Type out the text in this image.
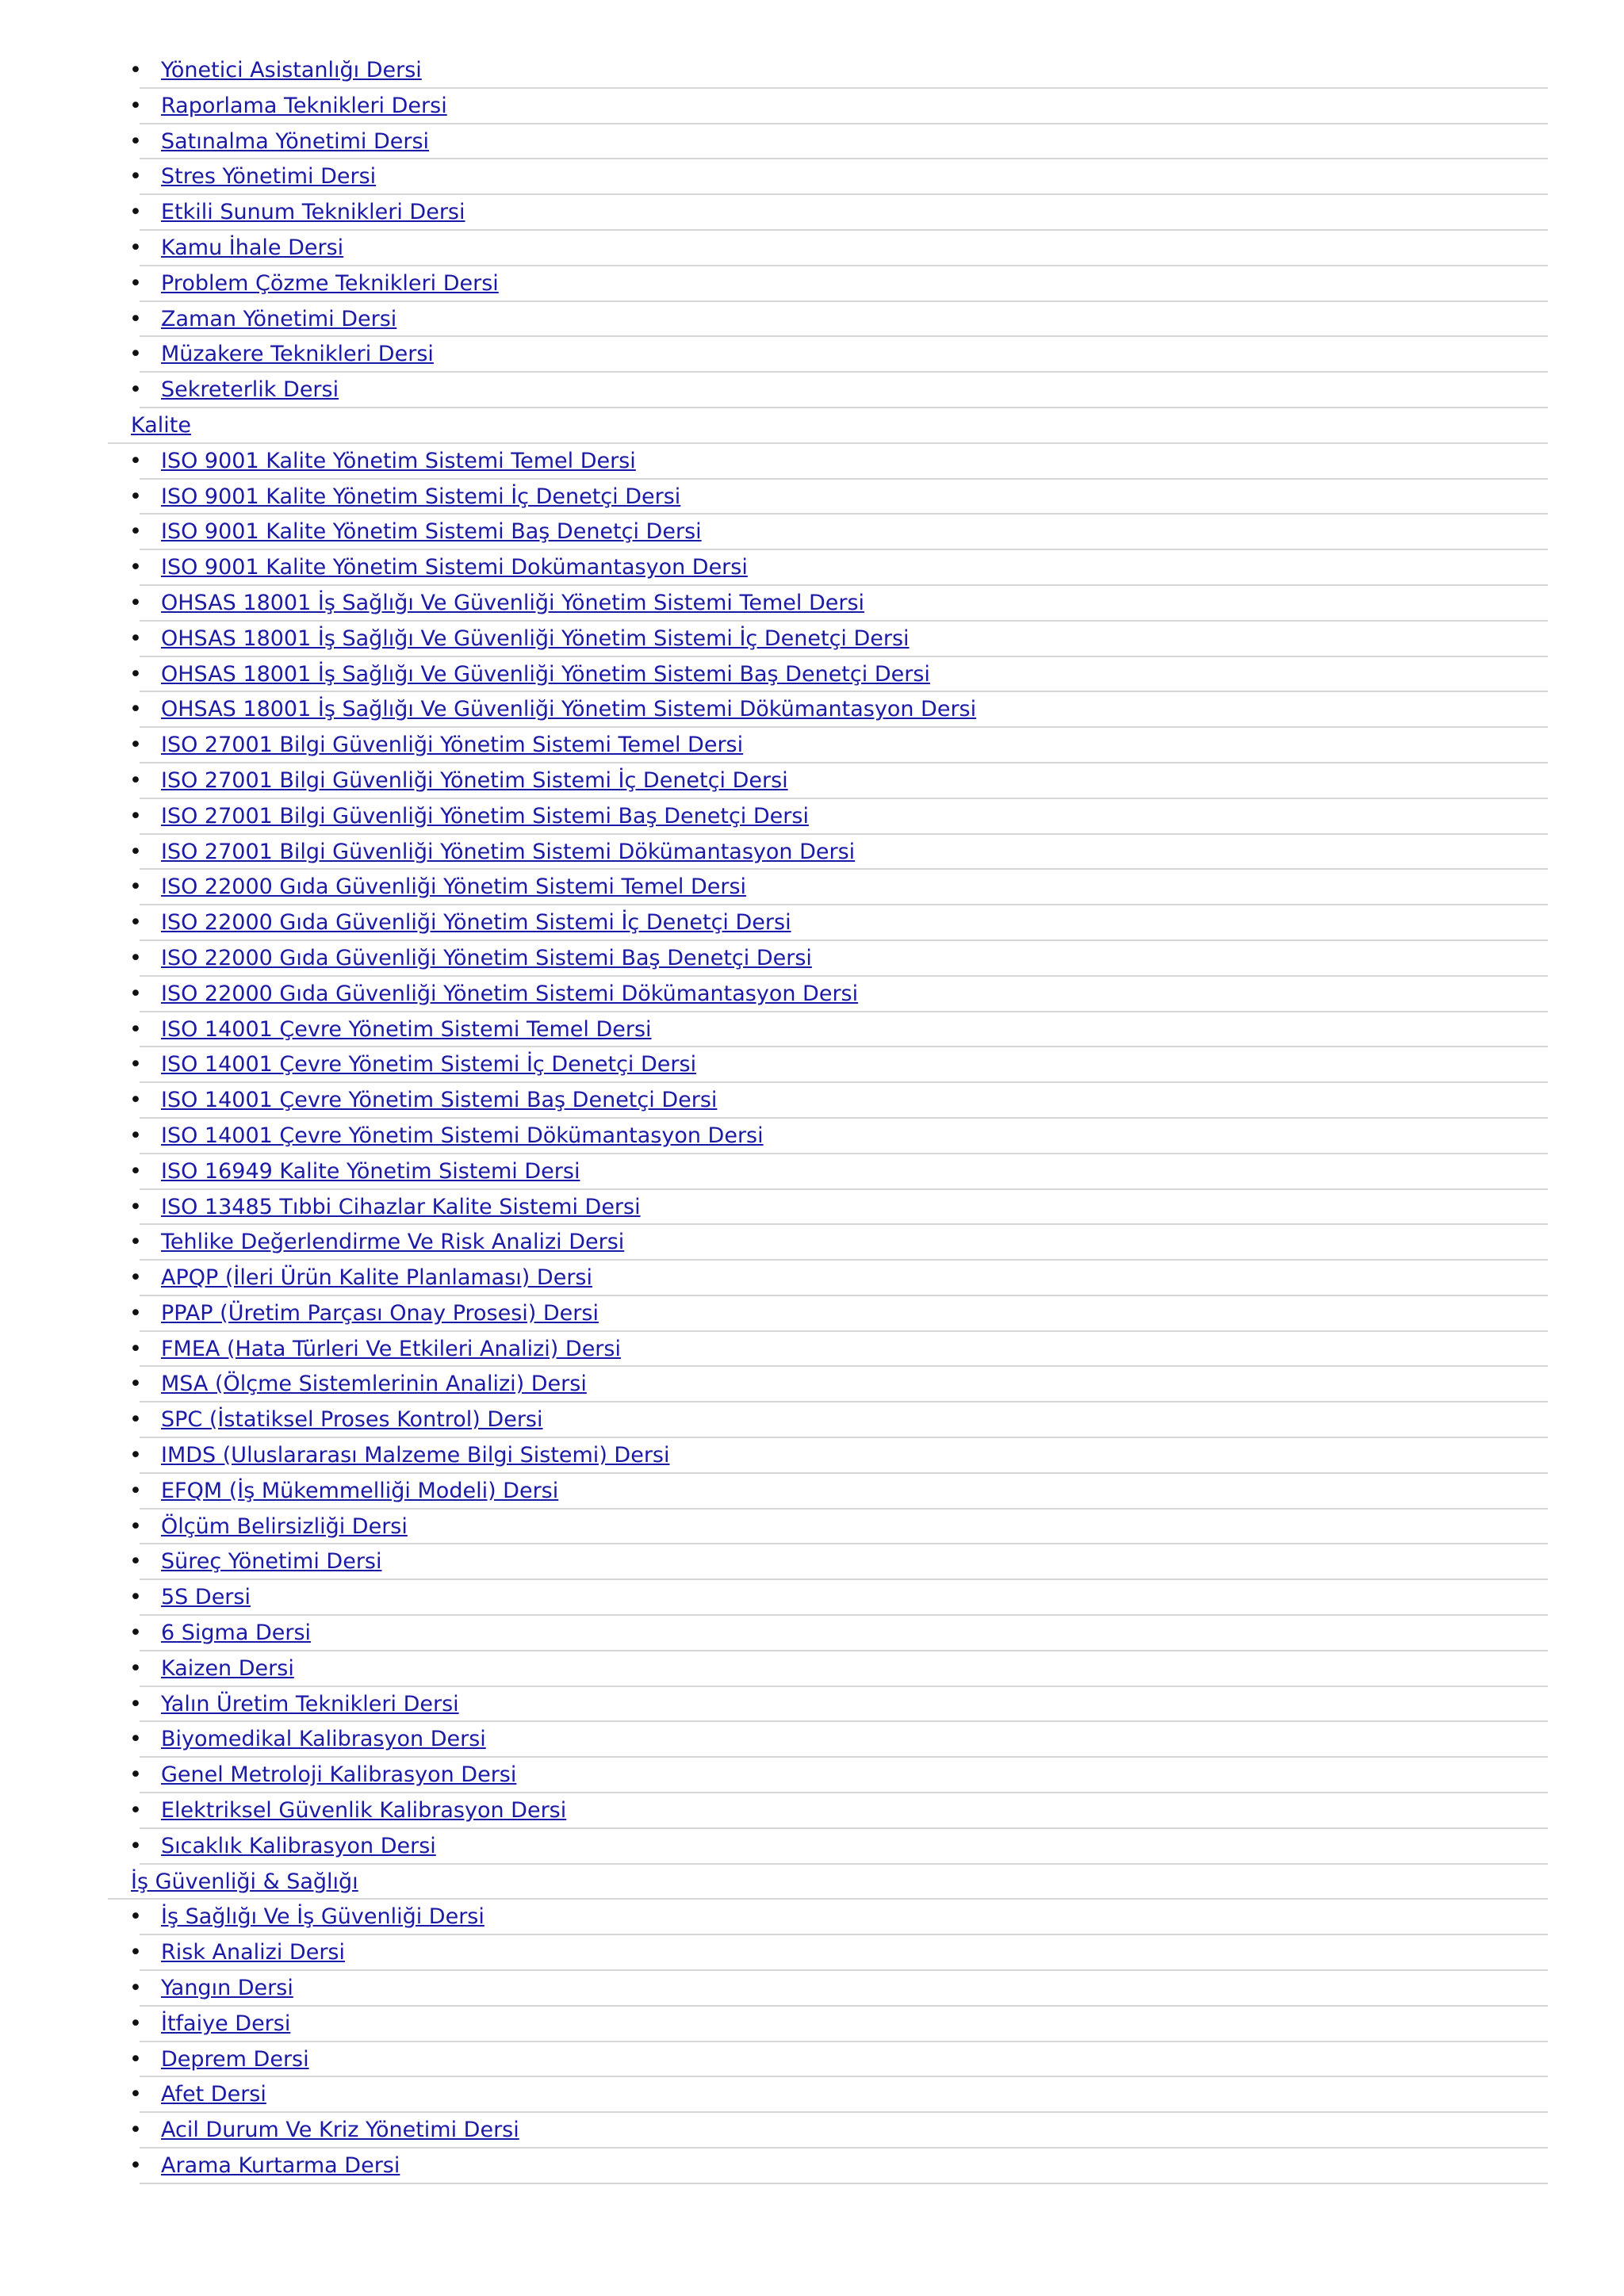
• Yönetici Asistanlığı Dersi
• Raporlama Teknikleri Dersi
• Satınalma Yönetimi Dersi
• Stres Yönetimi Dersi
• Etkili Sunum Teknikleri Dersi
• Kamu İhale Dersi
• Problem Çözme Teknikleri Dersi
• Zaman Yönetimi Dersi
• Müzakere Teknikleri Dersi
• Sekreterlik Dersi
Kalite
• ISO 9001 Kalite Yönetim Sistemi Temel Dersi
• ISO 9001 Kalite Yönetim Sistemi İç Denetçi Dersi
• ISO 9001 Kalite Yönetim Sistemi Baş Denetçi Dersi
• ISO 9001 Kalite Yönetim Sistemi Dokümantasyon Dersi
• OHSAS 18001 İş Sağlığı Ve Güvenliği Yönetim Sistemi Temel Dersi
• OHSAS 18001 İş Sağlığı Ve Güvenliği Yönetim Sistemi İç Denetçi Dersi
• OHSAS 18001 İş Sağlığı Ve Güvenliği Yönetim Sistemi Baş Denetçi Dersi
• OHSAS 18001 İş Sağlığı Ve Güvenliği Yönetim Sistemi Dökümantasyon Dersi
• ISO 27001 Bilgi Güvenliği Yönetim Sistemi Temel Dersi
• ISO 27001 Bilgi Güvenliği Yönetim Sistemi İç Denetçi Dersi
• ISO 27001 Bilgi Güvenliği Yönetim Sistemi Baş Denetçi Dersi
• ISO 27001 Bilgi Güvenliği Yönetim Sistemi Dökümantasyon Dersi
• ISO 22000 Gıda Güvenliği Yönetim Sistemi Temel Dersi
• ISO 22000 Gıda Güvenliği Yönetim Sistemi İç Denetçi Dersi
• ISO 22000 Gıda Güvenliği Yönetim Sistemi Baş Denetçi Dersi
• ISO 22000 Gıda Güvenliği Yönetim Sistemi Dökümantasyon Dersi
• ISO 14001 Çevre Yönetim Sistemi Temel Dersi
• ISO 14001 Çevre Yönetim Sistemi İç Denetçi Dersi
• ISO 14001 Çevre Yönetim Sistemi Baş Denetçi Dersi
• ISO 14001 Çevre Yönetim Sistemi Dökümantasyon Dersi
• ISO 16949 Kalite Yönetim Sistemi Dersi
• ISO 13485 Tıbbi Cihazlar Kalite Sistemi Dersi
• Tehlike Değerlendirme Ve Risk Analizi Dersi
• APQP (İleri Ürün Kalite Planlaması) Dersi
• PPAP (Üretim Parçası Onay Prosesi) Dersi
• FMEA (Hata Türleri Ve Etkileri Analizi) Dersi
• MSA (Ölçme Sistemlerinin Analizi) Dersi
• SPC (İstatiksel Proses Kontrol) Dersi
• IMDS (Uluslararası Malzeme Bilgi Sistemi) Dersi
• EFQM (İş Mükemmelliği Modeli) Dersi
• Ölçüm Belirsizliği Dersi
• Süreç Yönetimi Dersi
• 5S Dersi
• 6 Sigma Dersi
• Kaizen Dersi
• Yalın Üretim Teknikleri Dersi
• Biyomedikal Kalibrasyon Dersi
• Genel Metroloji Kalibrasyon Dersi
• Elektriksel Güvenlik Kalibrasyon Dersi
• Sıcaklık Kalibrasyon Dersi
İş Güvenliği & Sağlığı
• İş Sağlığı Ve İş Güvenliği Dersi
• Risk Analizi Dersi
• Yangın Dersi
• İtfaiye Dersi
• Deprem Dersi
• Afet Dersi
• Acil Durum Ve Kriz Yönetimi Dersi
• Arama Kurtarma Dersi
